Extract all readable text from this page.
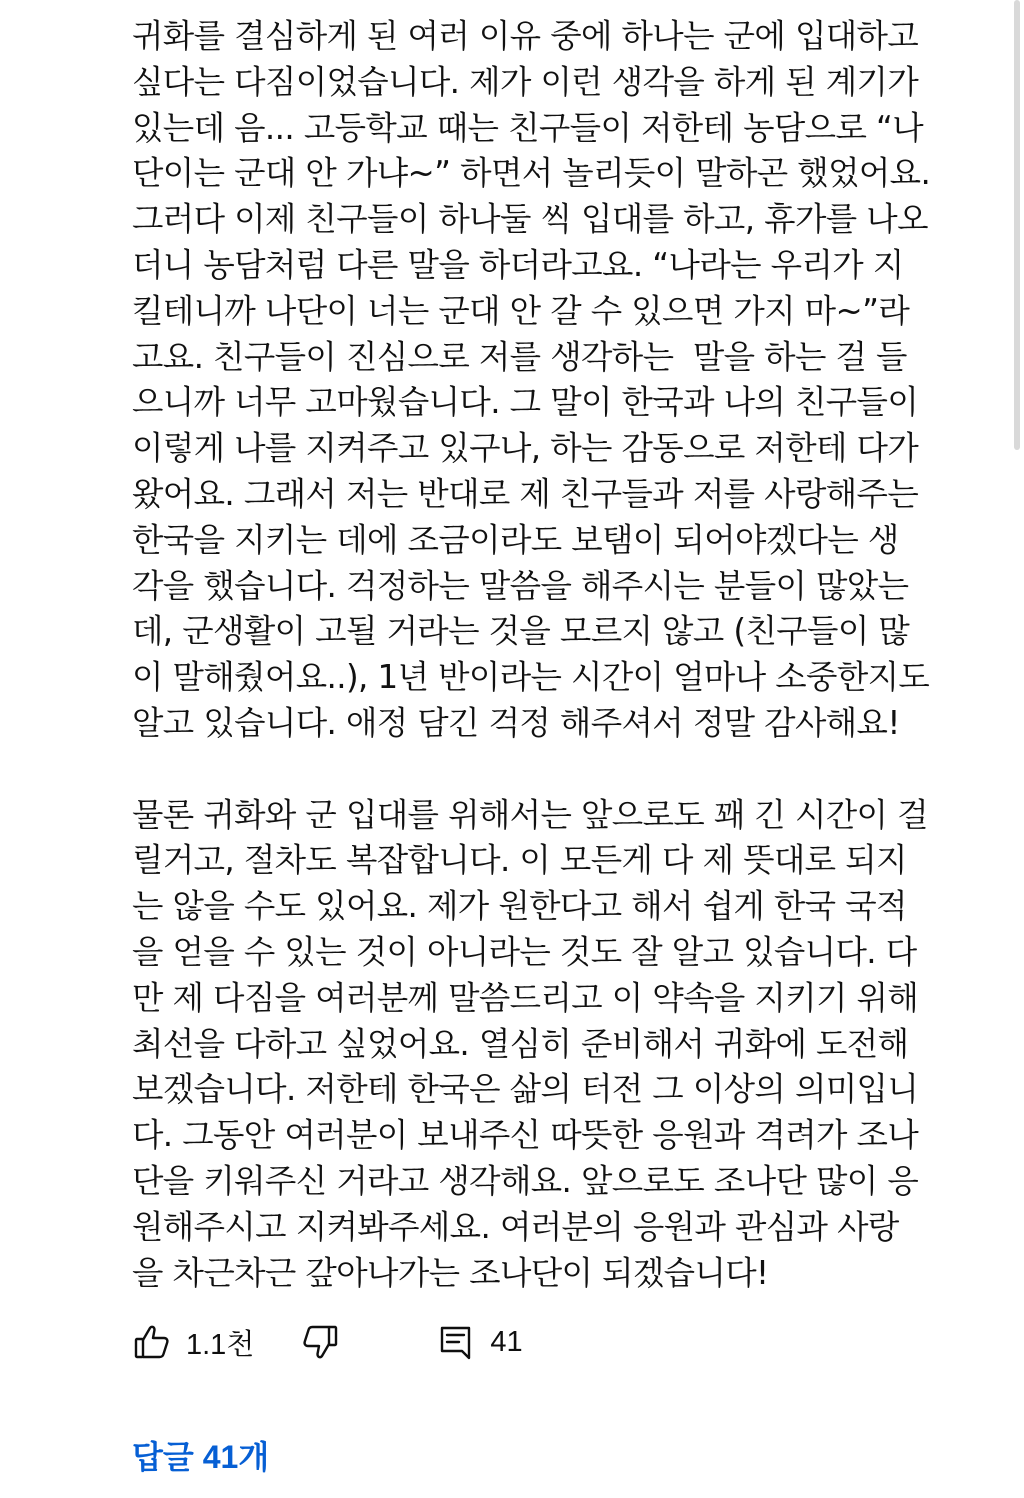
귀화를 결심하게 된 여러 이유 중에 하나는 군에 입대하고
싶다는 다짐이었습니다. 제가 이런 생각을 하게 된 계기가
있는데 음... 고등학교 때는 친구들이 저한테 농담으로 “나
단이는 군대 안 가냐~” 하면서 놀리듯이 말하곤 했었어요.
그러다 이제 친구들이 하나둘 씩 입대를 하고, 휴가를 나오
더니 농담처럼 다른 말을 하더라고요. “나라는 우리가 지
킬테니까 나단이 너는 군대 안 갈 수 있으면 가지 마~”라
고요. 친구들이 진심으로 저를 생각하는  말을 하는 걸 들
으니까 너무 고마웠습니다. 그 말이 한국과 나의 친구들이
이렇게 나를 지켜주고 있구나, 하는 감동으로 저한테 다가
왔어요. 그래서 저는 반대로 제 친구들과 저를 사랑해주는
한국을 지키는 데에 조금이라도 보탬이 되어야겠다는 생
각을 했습니다. 걱정하는 말씀을 해주시는 분들이 많았는
데, 군생활이 고될 거라는 것을 모르지 않고 (친구들이 많
이 말해줬어요..), 1년 반이라는 시간이 얼마나 소중한지도
알고 있습니다. 애정 담긴 걱정 해주셔서 정말 감사해요!
물론 귀화와 군 입대를 위해서는 앞으로도 꽤 긴 시간이 걸
릴거고, 절차도 복잡합니다. 이 모든게 다 제 뜻대로 되지
는 않을 수도 있어요. 제가 원한다고 해서 쉽게 한국 국적
을 얻을 수 있는 것이 아니라는 것도 잘 알고 있습니다. 다
만 제 다짐을 여러분께 말씀드리고 이 약속을 지키기 위해
최선을 다하고 싶었어요. 열심히 준비해서 귀화에 도전해
보겠습니다. 저한테 한국은 삶의 터전 그 이상의 의미입니
다. 그동안 여러분이 보내주신 따뜻한 응원과 격려가 조나
단을 키워주신 거라고 생각해요. 앞으로도 조나단 많이 응
원해주시고 지켜봐주세요. 여러분의 응원과 관심과 사랑
을 차근차근 갚아나가는 조나단이 되겠습니다!
1.1천	41
답글 41개
